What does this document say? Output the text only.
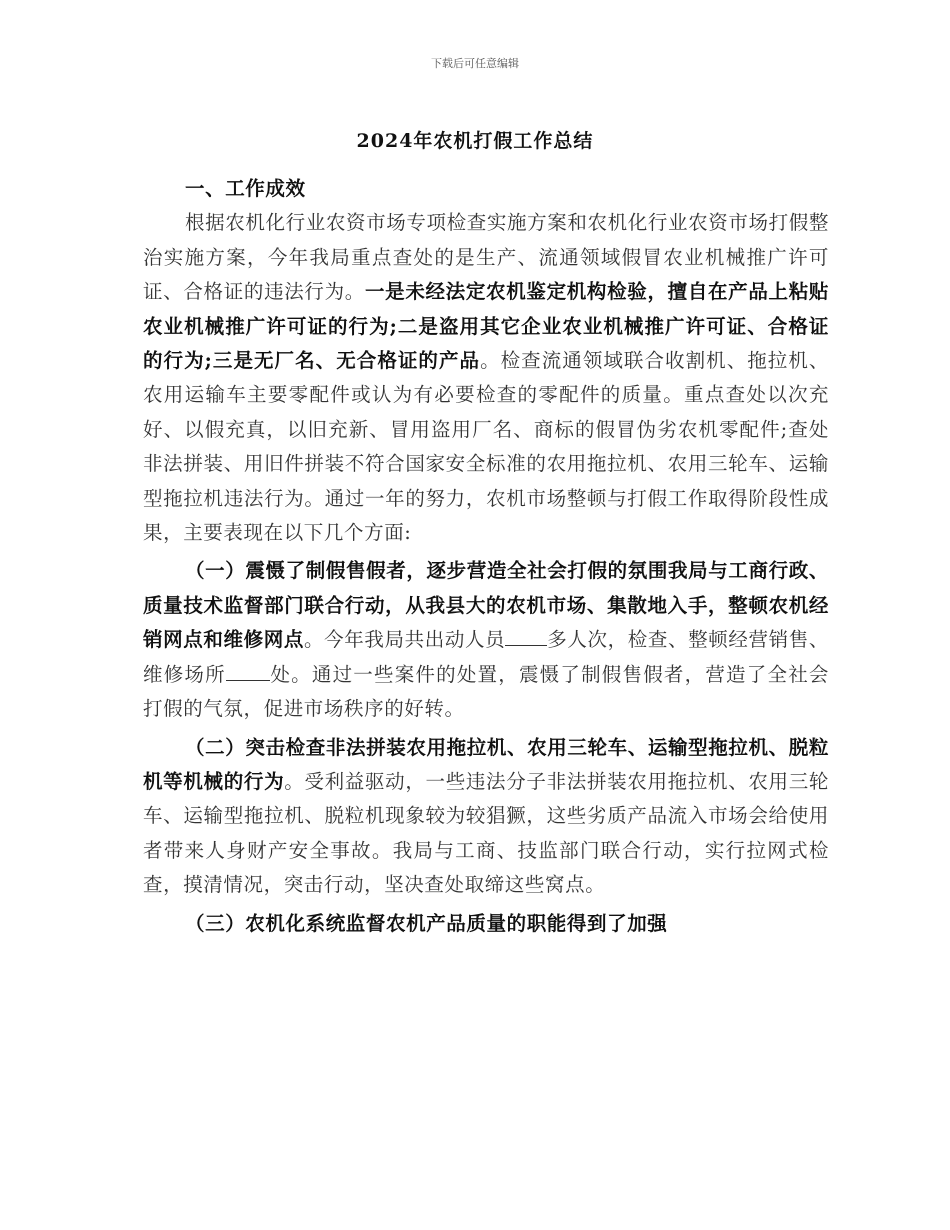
下载后可任意编辑
2024年农机打假工作总结

一、工作成效

根据农机化行业农资市场专项检查实施方案和农机化行业农资市场打假整治实施方案，今年我局重点查处的是生产、流通领域假冒农业机械推广许可证、合格证的违法行为。一是未经法定农机鉴定机构检验，擅自在产品上粘贴农业机械推广许可证的行为;二是盗用其它企业农业机械推广许可证、合格证的行为;三是无厂名、无合格证的产品。检查流通领域联合收割机、拖拉机、农用运输车主要零配件或认为有必要检查的零配件的质量。重点查处以次充好、以假充真，以旧充新、冒用盗用厂名、商标的假冒伪劣农机零配件;查处非法拼装、用旧件拼装不符合国家安全标准的农用拖拉机、农用三轮车、运输型拖拉机违法行为。通过一年的努力，农机市场整顿与打假工作取得阶段性成果，主要表现在以下几个方面:

（一）震慑了制假售假者，逐步营造全社会打假的氛围我局与工商行政、质量技术监督部门联合行动，从我县大的农机市场、集散地入手，整顿农机经销网点和维修网点。今年我局共出动人员 多人次，检查、整顿经营销售、维修场所 处。通过一些案件的处置，震慑了制假售假者，营造了全社会打假的气氛，促进市场秩序的好转。

（二）突击检查非法拼装农用拖拉机、农用三轮车、运输型拖拉机、脱粒机等机械的行为。受利益驱动，一些违法分子非法拼装农用拖拉机、农用三轮车、运输型拖拉机、脱粒机现象较为较猖獗，这些劣质产品流入市场会给使用者带来人身财产安全事故。我局与工商、技监部门联合行动，实行拉网式检查，摸清情况，突击行动，坚决查处取缔这些窝点。

（三）农机化系统监督农机产品质量的职能得到了加强
